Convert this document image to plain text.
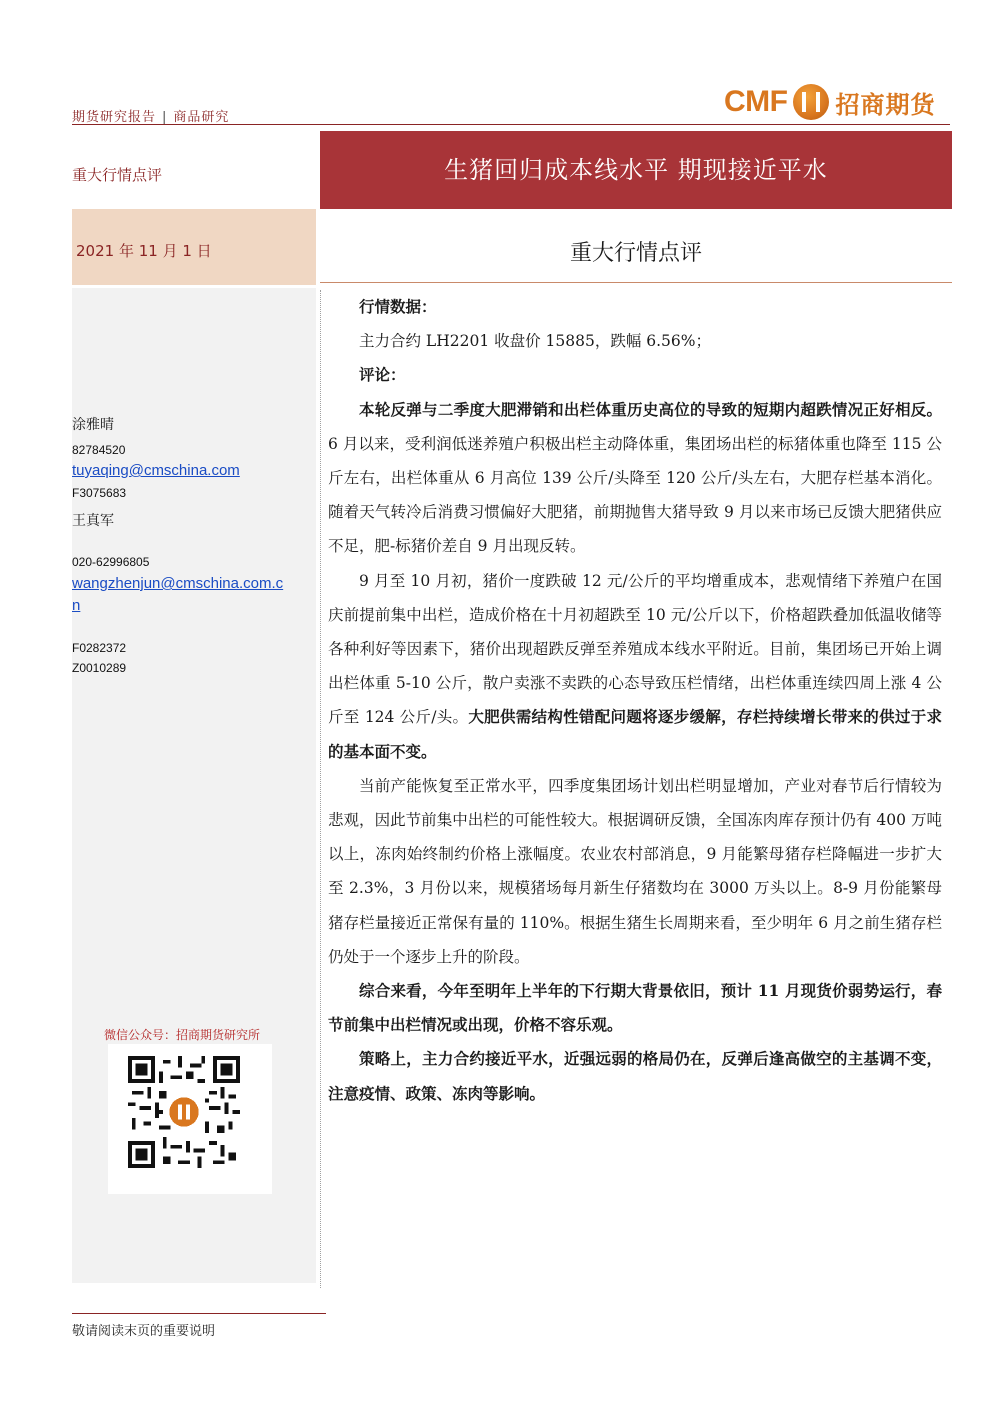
期货研究报告 | 商品研究	CMF 招商期货
重大行情点评
2021 年 11 月 1 日
涂雅晴
82784520
tuyaqing@cmschina.com
F3075683
王真军
020-62996805
wangzhenjun@cmschina.com.c
n
F0282372
Z0010289
微信公众号：招商期货研究所
敬请阅读末页的重要说明
生猪回归成本线水平 期现接近平水
重大行情点评

行情数据：

主力合约 LH2201 收盘价 15885，跌幅 6.56%；

评论：

本轮反弹与二季度大肥滞销和出栏体重历史高位的导致的短期内超跌情况正好相反。6 月以来，受利润低迷养殖户积极出栏主动降体重，集团场出栏的标猪体重也降至 115 公斤左右，出栏体重从 6 月高位 139 公斤/头降至 120 公斤/头左右，大肥存栏基本消化。随着天气转冷后消费习惯偏好大肥猪，前期抛售大猪导致 9 月以来市场已反馈大肥猪供应不足，肥-标猪价差自 9 月出现反转。

9 月至 10 月初，猪价一度跌破 12 元/公斤的平均增重成本，悲观情绪下养殖户在国庆前提前集中出栏，造成价格在十月初超跌至 10 元/公斤以下，价格超跌叠加低温收储等各种利好等因素下，猪价出现超跌反弹至养殖成本线水平附近。目前，集团场已开始上调出栏体重 5-10 公斤，散户卖涨不卖跌的心态导致压栏情绪，出栏体重连续四周上涨 4 公斤至 124 公斤/头。大肥供需结构性错配问题将逐步缓解，存栏持续增长带来的供过于求的基本面不变。

当前产能恢复至正常水平，四季度集团场计划出栏明显增加，产业对春节后行情较为悲观，因此节前集中出栏的可能性较大。根据调研反馈，全国冻肉库存预计仍有 400 万吨以上，冻肉始终制约价格上涨幅度。农业农村部消息，9 月能繁母猪存栏降幅进一步扩大至 2.3%，3 月份以来，规模猪场每月新生仔猪数均在 3000 万头以上。8-9 月份能繁母猪存栏量接近正常保有量的 110%。根据生猪生长周期来看，至少明年 6 月之前生猪存栏仍处于一个逐步上升的阶段。

综合来看，今年至明年上半年的下行期大背景依旧，预计 11 月现货价弱势运行，春节前集中出栏情况或出现，价格不容乐观。

策略上，主力合约接近平水，近强远弱的格局仍在，反弹后逢高做空的主基调不变，注意疫情、政策、冻肉等影响。
